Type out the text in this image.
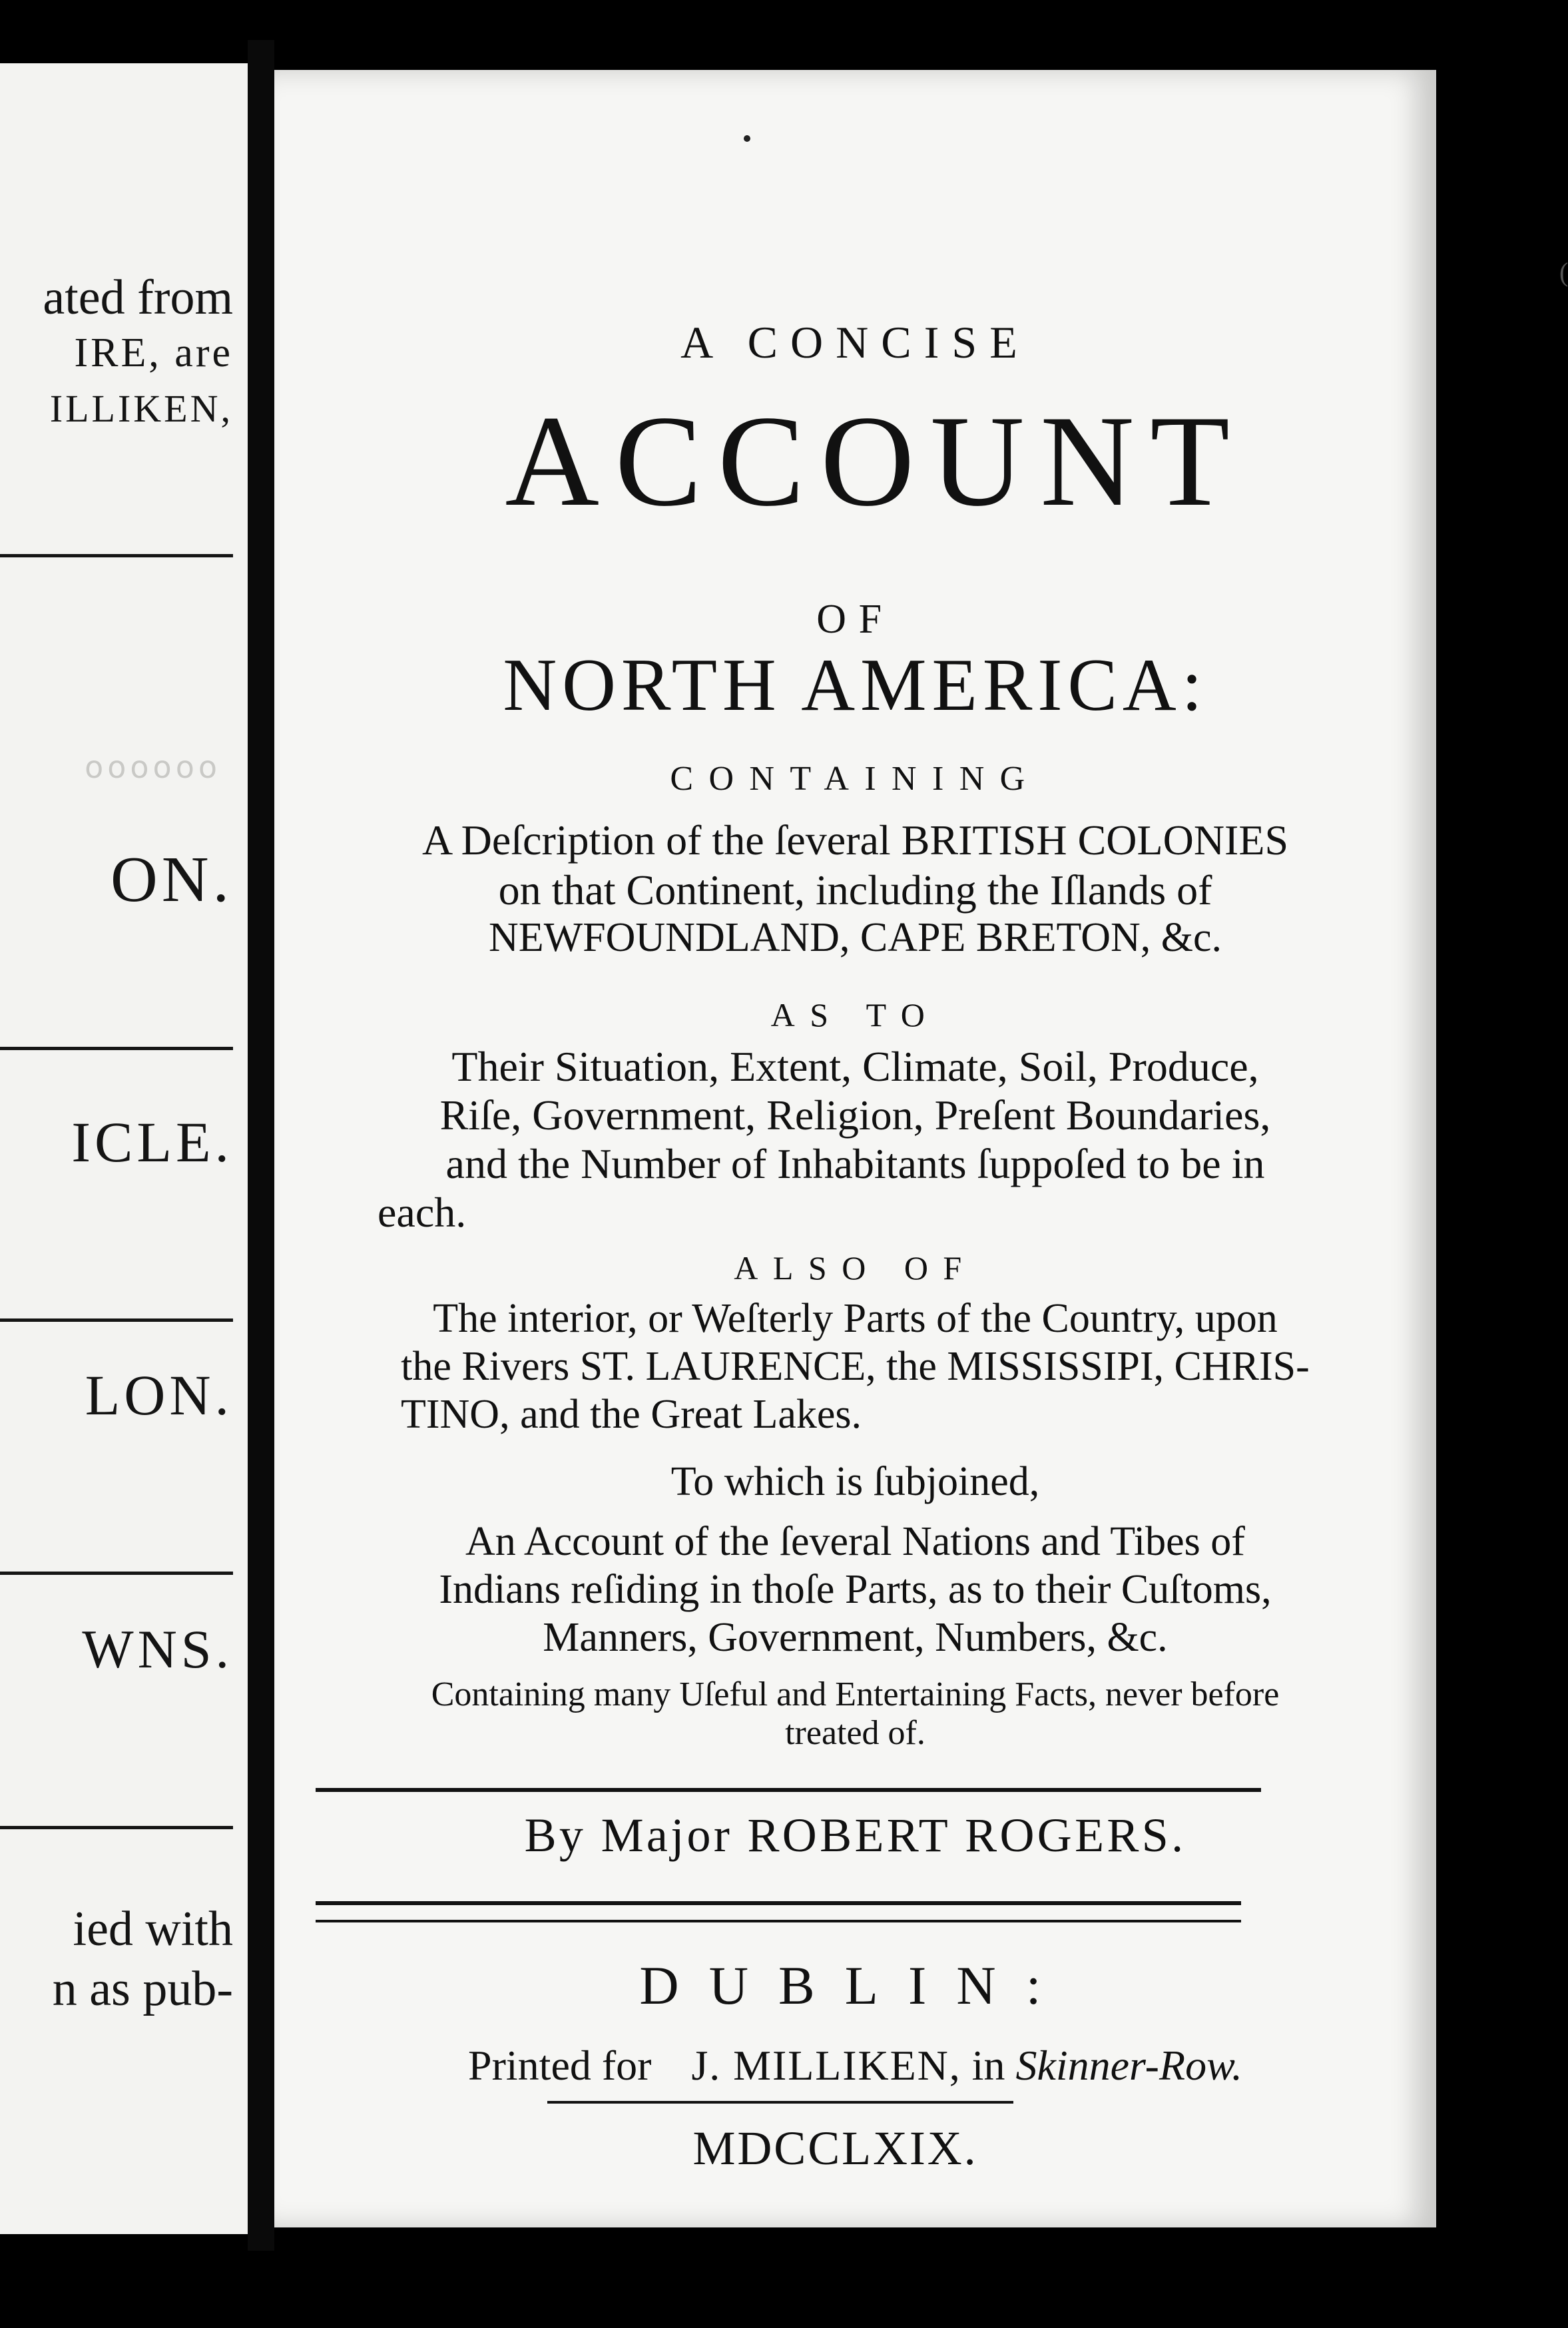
ated from
IRE, are
ILLIKEN,
oooooo
ON.
ICLE.
LON.
WNS.
ied with
n as pub-
(
A CONCISE
ACCOUNT
OF
NORTH AMERICA:
CONTAINING
A Deſcription of the ſeveral BRITISH COLONIES
on that Continent, including the Iſlands of
NEWFOUNDLAND, CAPE BRETON, &c.
AS TO
Their Situation, Extent, Climate, Soil, Produce,
Riſe, Government, Religion, Preſent Boundaries,
and the Number of Inhabitants ſuppoſed to be in
each.
ALSO OF
The interior, or Weſterly Parts of the Country, upon
the Rivers ST. LAURENCE, the MISSISSIPI, CHRIS-
TINO, and the Great Lakes.
To which is ſubjoined,
An Account of the ſeveral Nations and Tibes of
Indians reſiding in thoſe Parts, as to their Cuſtoms,
Manners, Government, Numbers, &c.
Containing many Uſeful and Entertaining Facts, never before
treated of.
By Major ROBERT ROGERS.
DUBLIN:
Printed for J. MILLIKEN, in Skinner-Row.
MDCCLXIX.
